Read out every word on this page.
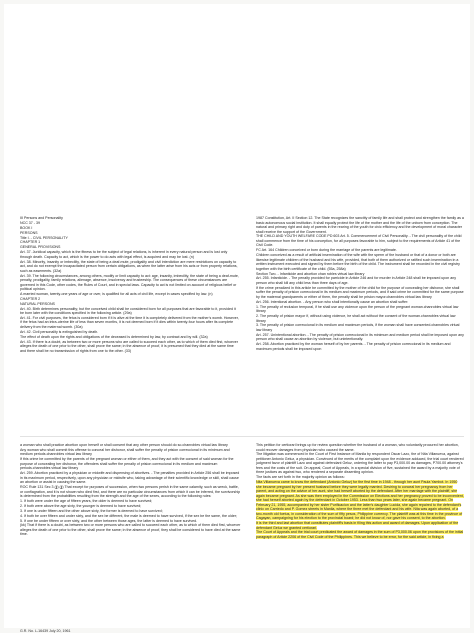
III Persons and Personality

NCC 37 - 39

BOOK I

PERSONS

Title I. - CIVIL PERSONALITY

CHAPTER 1

GENERAL PROVISIONS

Art. 37. Juridical capacity, which is the fitness to be the subject of legal relations, is inherent in every natural person and is lost only through death. Capacity to act, which is the power to do acts with legal effect, is acquired and may be lost. (n)

Art. 38. Minority, insanity or imbecility, the state of being a deaf-mute, prodigality and civil interdiction are mere restrictions on capacity to act, and do not exempt the incapacitated person from certain obligations, as when the latter arise from his acts or from property relations, such as easements. (32a)

Art. 39. The following circumstances, among others, modify or limit capacity to act: age, insanity, imbecility, the state of being a deaf-mute, penalty, prodigality, family relations, alienage, absence, insolvency and trusteeship. The consequences of these circumstances are governed in this Code, other codes, the Rules of Court, and in special laws. Capacity to act is not limited on account of religious belief or political opinion.

A married woman, twenty-one years of age or over, is qualified for all acts of civil life, except in cases specified by law. (n)

CHAPTER 2

NATURAL PERSONS

Art. 40. Birth determines personality; but the conceived child shall be considered born for all purposes that are favorable to it, provided it be born later with the conditions specified in the following article. (29a)

Art. 41. For civil purposes, the fetus is considered born if it is alive at the time it is completely delivered from the mother's womb. However, if the fetus had an intra-uterine life of less than seven months, it is not deemed born if it dies within twenty-four hours after its complete delivery from the maternal womb. (30a)

Art. 42. Civil personality is extinguished by death.

The effect of death upon the rights and obligations of the deceased is determined by law, by contract and by will. (32a)

Art. 43. If there is a doubt, as between two or more persons who are called to succeed each other, as to which of them died first, whoever alleges the death of one prior to the other, shall prove the same; in the absence of proof, it is presumed that they died at the same time and there shall be no transmission of rights from one to the other. (33)

1987 Constitution, Art. II Section 12. The State recognizes the sanctity of family life and shall protect and strengthen the family as a basic autonomous social institution. It shall equally protect the life of the mother and the life of the unborn from conception. The natural and primary right and duty of parents in the rearing of the youth for civic efficiency and the development of moral character shall receive the support of the Government.

THE CHILD AND YOUTH WELFARE CODE PD 603 Art. 5. Commencement of Civil Personality. - The civil personality of the child shall commence from the time of his conception, for all purposes favorable to him, subject to the requirements of Article 41 of the Civil Code.

FC Art. 164 Children conceived or born during the marriage of the parents are legitimate.

Children conceived as a result of artificial insemination of the wife with the sperm of the husband or that of a donor or both are likewise legitimate children of the husband and his wife, provided, that both of them authorized or ratified such insemination in a written instrument executed and signed by them before the birth of the child. The instrument shall be recorded in the civil registry together with the birth certificate of the child. (55a, 258a)

Section Two. - Infanticide and abortion chan robles virtual law library

Art. 255. Infanticide. - The penalty provided for parricide in Article 246 and for murder in Article 248 shall be imposed upon any person who shall kill any child less than three days of age.

If the crime penalized in this article be committed by the mother of the child for the purpose of concealing her dishonor, she shall suffer the penalty of prision correccional in its medium and maximum periods, and if said crime be committed for the same purpose by the maternal grandparents or either of them, the penalty shall be prision mayor.chanrobles virtual law library

Art. 256. Intentional abortion. - Any person who shall intentionally cause an abortion shall suffer:

1. The penalty of reclusion temporal, if he shall use any violence upon the person of the pregnant woman.chanrobles virtual law library

2. The penalty of prision mayor if, without using violence, he shall act without the consent of the woman.chanrobles virtual law library

3. The penalty of prision correccional in its medium and maximum periods, if the woman shall have consented.chanrobles virtual law library

Art. 257. Unintentional abortion. - The penalty of prision correccional in its minimum and medium period shall be imposed upon any person who shall cause an abortion by violence, but unintentionally.

Art. 258. Abortion practiced by the woman herself of by her parents. - The penalty of prision correccional in its medium and maximum periods shall be imposed upon

a woman who shall practice abortion upon herself or shall consent that any other person should do so.chanrobles virtual law library

Any woman who shall commit this offense to conceal her dishonor, shall suffer the penalty of prision correccional in its minimum and medium periods.chanrobles virtual law library

If this crime be committed by the parents of the pregnant woman or either of them, and they act with the consent of said woman for the purpose of concealing her dishonor, the offenders shall suffer the penalty of prision correccional in its medium and maximum periods.chanrobles virtual law library

Art. 259. Abortion practiced by a physician or midwife and dispensing of abortives. - The penalties provided in Article 256 shall be imposed in its maximum period, respectively, upon any physician or midwife who, taking advantage of their scientific knowledge or skill, shall cause an abortion or assist in causing the same.

ROC Rule 131 Sec 3 (jj) (jj) That except for purposes of succession, when two persons perish in the same calamity, such as wreck, battle, or conflagration, and it is not shown who died first, and there are no particular circumstances from which it can be inferred, the survivorship is determined from the probabilities resulting from the strength and the age of the sexes, according to the following rules:

1. If both were under the age of fifteen years, the older is deemed to have survived;

2. If both were above the age sixty, the younger is deemed to have survived;

3. If one is under fifteen and the other above sixty, the former is deemed to have survived;

4. If both be over fifteen and under sixty, and the sex be different, the male is deemed to have survived, if the sex be the same, the older;

5. If one be under fifteen or over sixty, and the other between those ages, the latter is deemed to have survived.

(kk) That if there is a doubt, as between two or more persons who are called to succeed each other, as to which of them died first, whoever alleges the death of one prior to the other, shall prove the same; in the absence of proof, they shall be considered to have died at the same time.

This petition for certiorari brings up for review question whether the husband of a woman, who voluntarily procured her abortion, could recover damages from physician who caused the same.

The litigation was commenced in the Court of First Instance of Manila by respondent Oscar Lazo, the of Nita Villanueva, against petitioner Antonio Geluz, a physician. Convinced of the merits of the complaint upon the evidence adduced, the trial court rendered judgment favor of plaintiff Lazo and against defendant Geluz, ordering the latter to pay P3,000.00 as damages, P700.00 attorney's fees and the costs of the suit. On appeal, Court of Appeals, in a special division of five, sustained the award by a majority vote of three justices as against two, who rendered a separate dissenting opinion.

The facts are set forth in the majority opinion as follows:

Nita Villanueva came to know the defendant (Antonio Geluz) for the first time in 1948 - through her aunt Paula Yambot. In 1950 she became pregnant by her present husband before they were legally married. Desiring to conceal her pregnancy from her parent, and acting on the advice of her aunt, she had herself aborted by the defendant. After her marriage with the plaintiff, she again became pregnant. As she was then employed in the Commission on Elections and her pregnancy proved to be inconvenient, she had herself aborted again by the defendant in October 1953. Less than two years later, she again became pregnant. On February 21, 1955, accompanied by her sister Purificacion and the latter's daughter Lucida, she again repaired to the defendant's clinic on Carriedo and P. Gomez streets in Manila, where the three met the defendant and his wife. Nita was again aborted, of a two-month old foetus, in consideration of the sum of fifty pesos, Philippine currency. The plaintiff was at this time in the province of Cagayan, campaigning for his election to the provincial board; he did not know of, nor gave his consent, to the abortion.

It is the third and last abortion that constitutes plaintiff's basis in filing this action and award of damages. Upon application of the defendant Geluz we granted certiorari.

The Court of Appeals and the trial court predicated the award of damages in the sum of P3,000.06 upon the provisions of the initial paragraph of Article 2206 of the Civil Code of the Philippines. This we believe to be error, for the said article, in fixing a

G.R. No. L-16439 July 20, 1961
